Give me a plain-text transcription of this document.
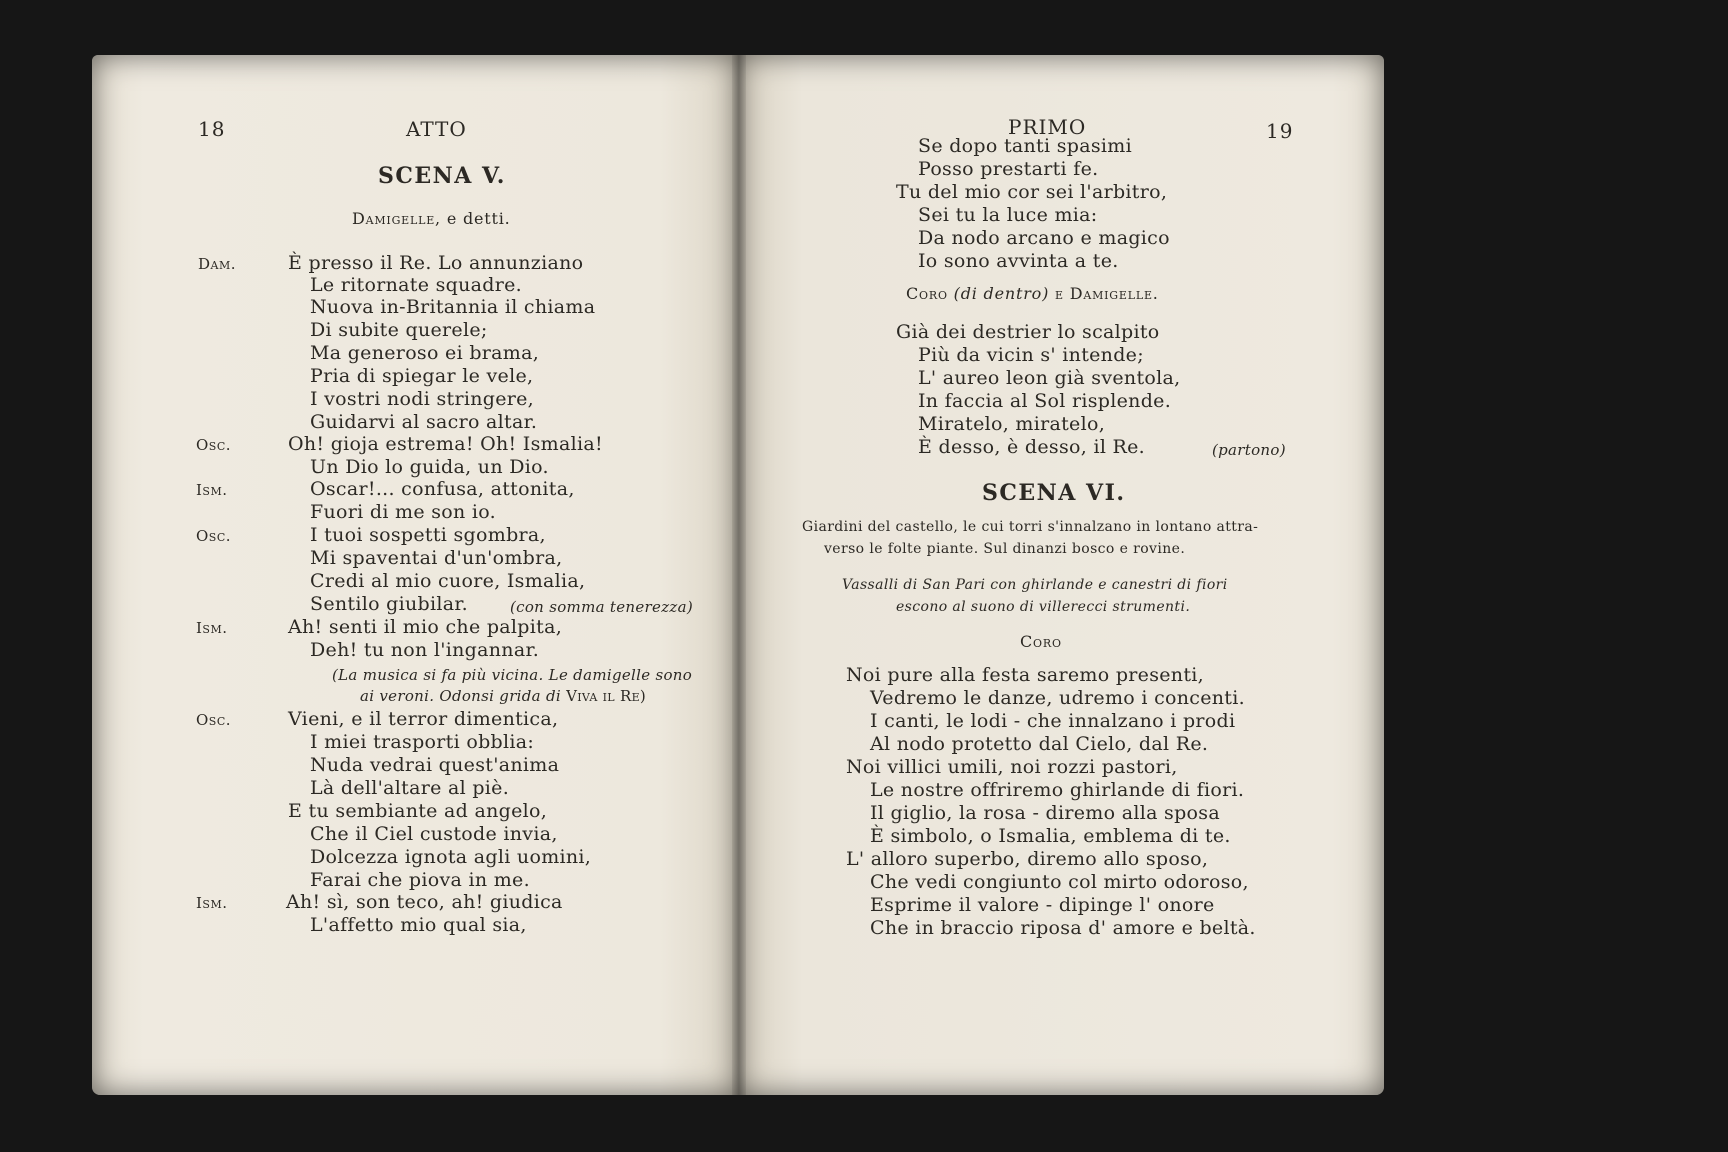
18	ATTO
SCENA V.
Damigelle, e detti.
Dam.	È presso il Re. Lo annunziano
Le ritornate squadre.
Nuova in-Britannia il chiama
Di subite querele;
Ma generoso ei brama,
Pria di spiegar le vele,
I vostri nodi stringere,
Guidarvi al sacro altar.
Osc.	Oh! gioja estrema! Oh! Ismalia!
Un Dio lo guida, un Dio.
Ism.	Oscar!... confusa, attonita,
Fuori di me son io.
Osc.	I tuoi sospetti sgombra,
Mi spaventai d'un'ombra,
Credi al mio cuore, Ismalia,
Sentilo giubilar.	(con somma tenerezza)
Ism.	Ah! senti il mio che palpita,
Deh! tu non l'ingannar.
(La musica si fa più vicina. Le damigelle sono
ai veroni. Odonsi grida di Viva il Re)
Osc.	Vieni, e il terror dimentica,
I miei trasporti obblia:
Nuda vedrai quest'anima
Là dell'altare al piè.
E tu sembiante ad angelo,
Che il Ciel custode invia,
Dolcezza ignota agli uomini,
Farai che piova in me.
Ism.	Ah! sì, son teco, ah! giudica
L'affetto mio qual sia,
PRIMO	19
Se dopo tanti spasimi
Posso prestarti fe.
Tu del mio cor sei l'arbitro,
Sei tu la luce mia:
Da nodo arcano e magico
Io sono avvinta a te.
Coro (di dentro) e Damigelle.
Già dei destrier lo scalpito
Più da vicin s' intende;
L' aureo leon già sventola,
In faccia al Sol risplende.
Miratelo, miratelo,
È desso, è desso, il Re.	(partono)
SCENA VI.
Giardini del castello, le cui torri s'innalzano in lontano attra-
verso le folte piante. Sul dinanzi bosco e rovine.
Vassalli di San Pari con ghirlande e canestri di fiori
escono al suono di villerecci strumenti.
Coro
Noi pure alla festa saremo presenti,
Vedremo le danze, udremo i concenti.
I canti, le lodi - che innalzano i prodi
Al nodo protetto dal Cielo, dal Re.
Noi villici umili, noi rozzi pastori,
Le nostre offriremo ghirlande di fiori.
Il giglio, la rosa - diremo alla sposa
È simbolo, o Ismalia, emblema di te.
L' alloro superbo, diremo allo sposo,
Che vedi congiunto col mirto odoroso,
Esprime il valore - dipinge l' onore
Che in braccio riposa d' amore e beltà.
